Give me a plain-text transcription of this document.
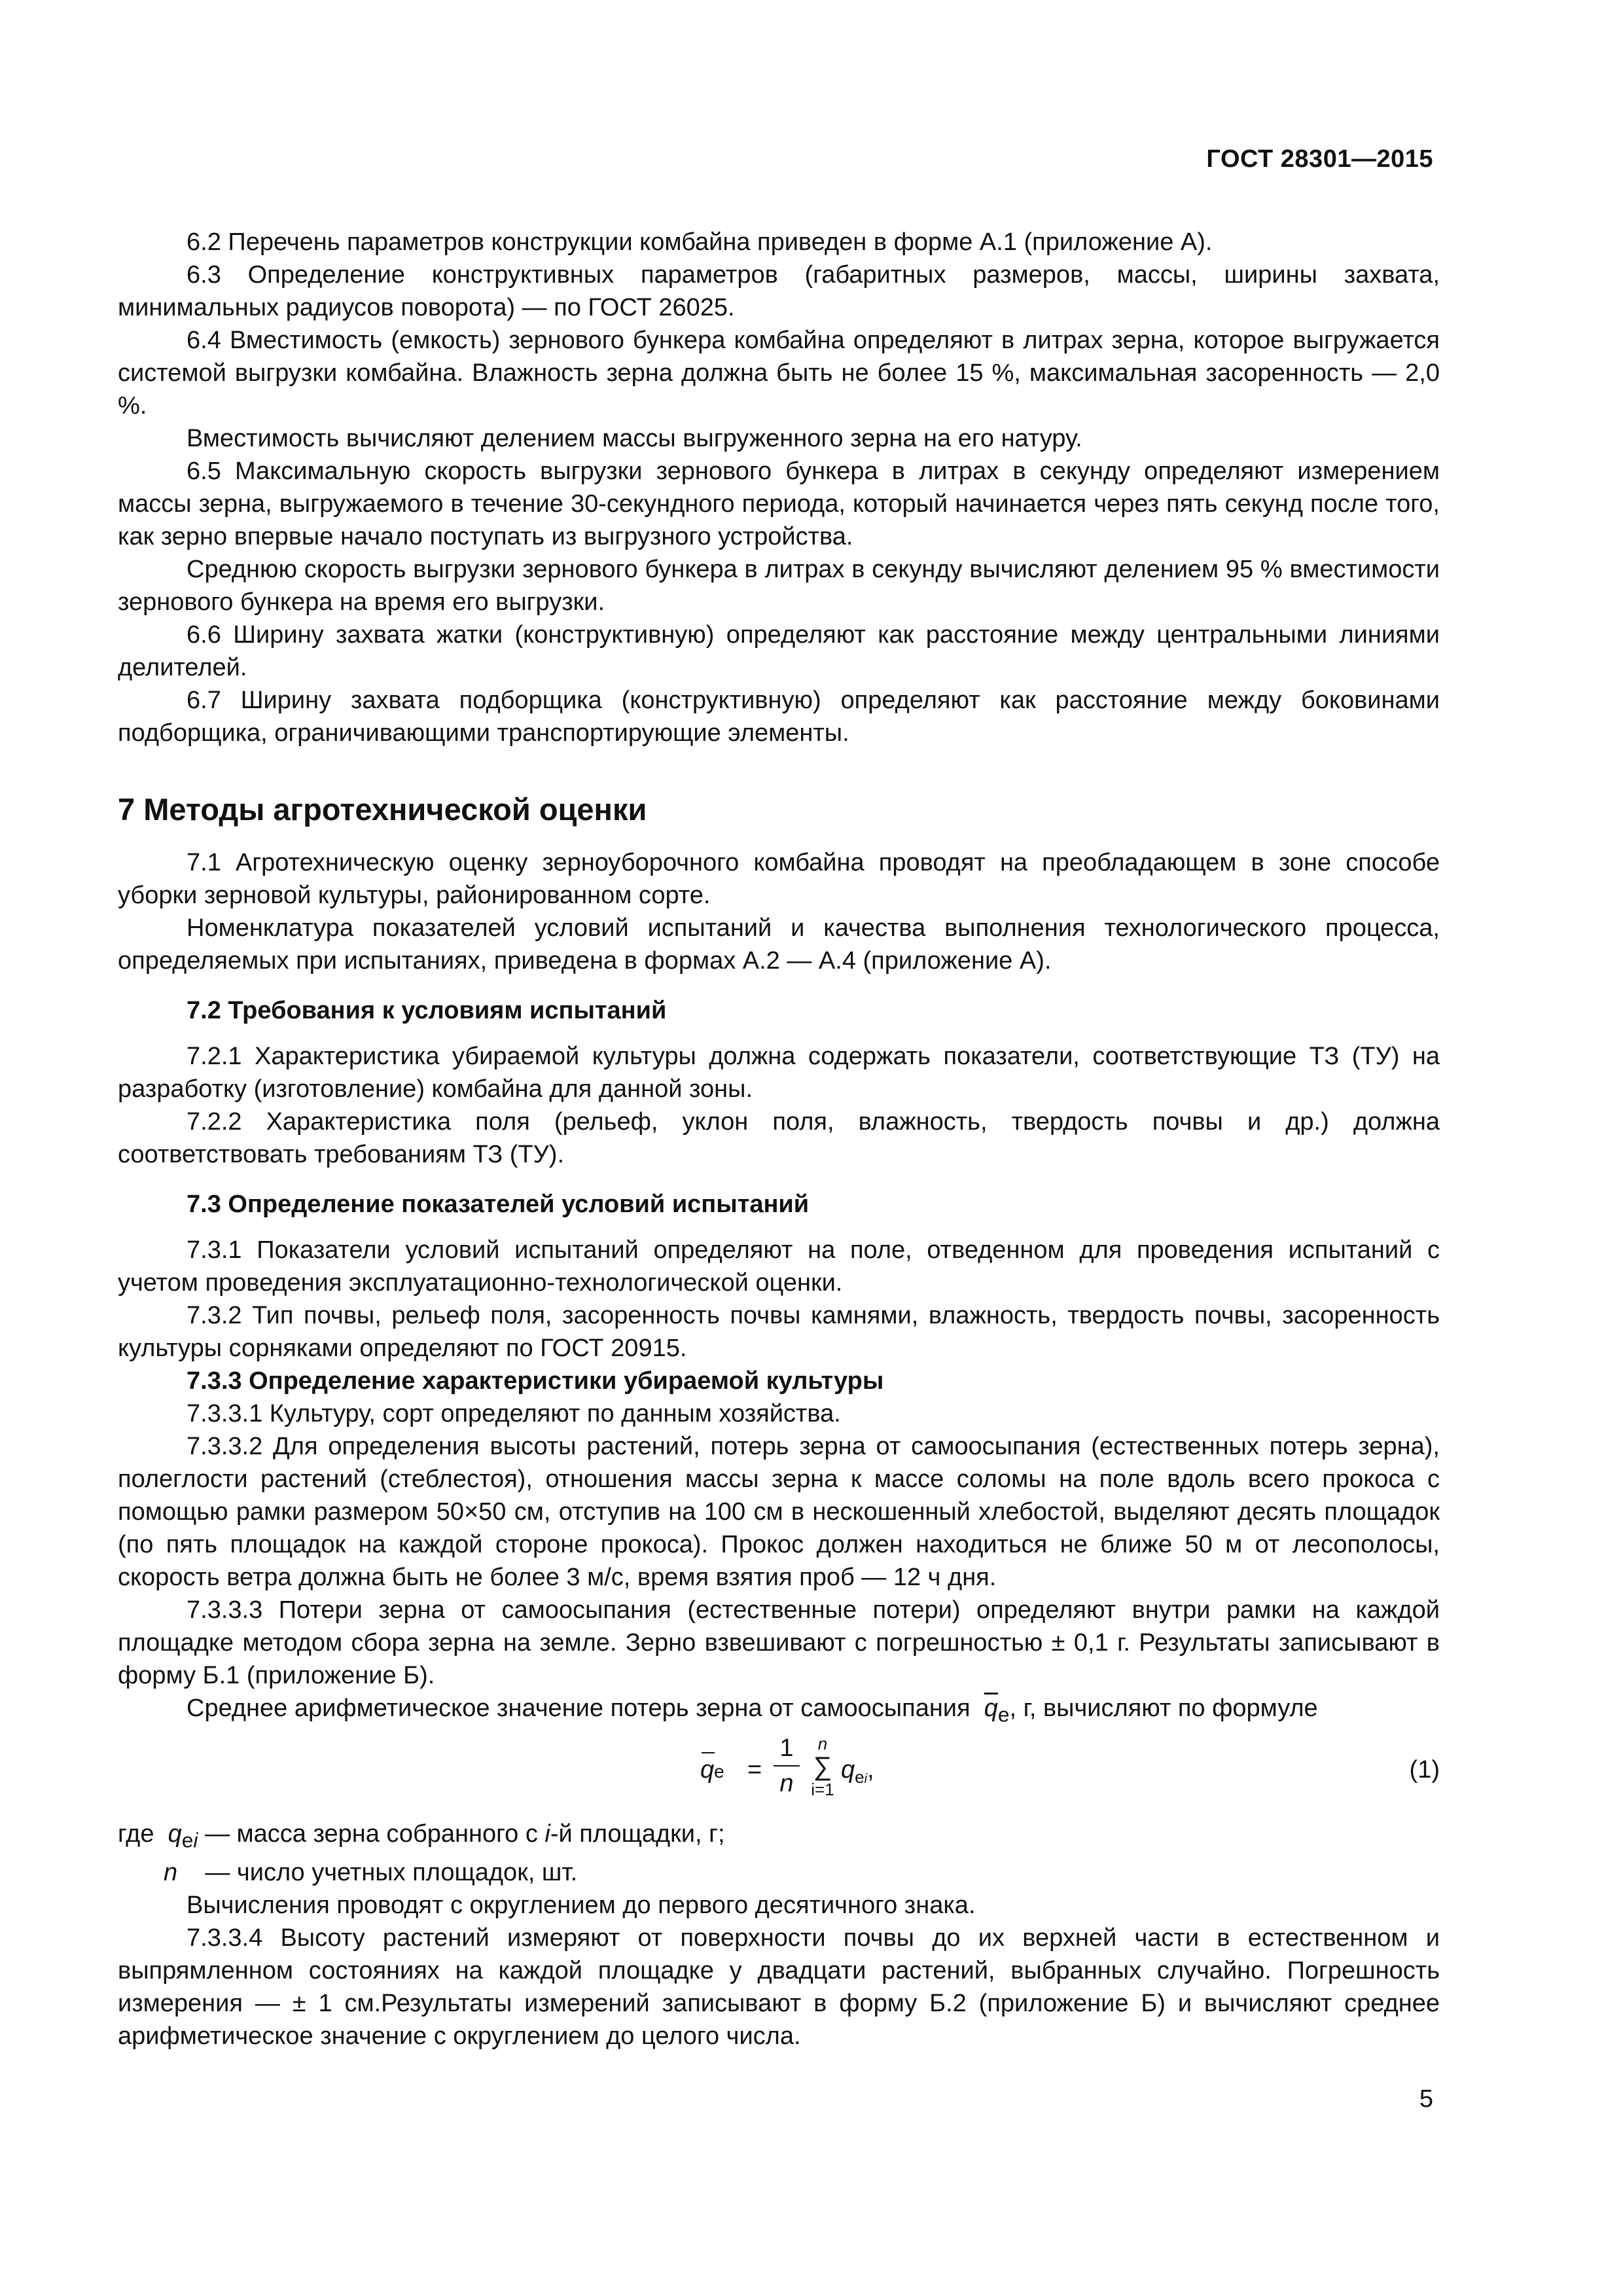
ГОСТ 28301—2015

6.2 Перечень параметров конструкции комбайна приведен в форме А.1 (приложение А).

6.3 Определение конструктивных параметров (габаритных размеров, массы, ширины захвата, минимальных радиусов поворота) — по ГОСТ 26025.

6.4 Вместимость (емкость) зернового бункера комбайна определяют в литрах зерна, которое выгружается системой выгрузки комбайна. Влажность зерна должна быть не более 15 %, максимальная засоренность — 2,0 %.

Вместимость вычисляют делением массы выгруженного зерна на его натуру.

6.5 Максимальную скорость выгрузки зернового бункера в литрах в секунду определяют измерением массы зерна, выгружаемого в течение 30-секундного периода, который начинается через пять секунд после того, как зерно впервые начало поступать из выгрузного устройства.

Среднюю скорость выгрузки зернового бункера в литрах в секунду вычисляют делением 95 % вместимости зернового бункера на время его выгрузки.

6.6 Ширину захвата жатки (конструктивную) определяют как расстояние между центральными линиями делителей.

6.7 Ширину захвата подборщика (конструктивную) определяют как расстояние между боковинами подборщика, ограничивающими транспортирующие элементы.

7 Методы агротехнической оценки

7.1 Агротехническую оценку зерноуборочного комбайна проводят на преобладающем в зоне способе уборки зерновой культуры, районированном сорте.

Номенклатура показателей условий испытаний и качества выполнения технологического процесса, определяемых при испытаниях, приведена в формах А.2 — А.4 (приложение А).

7.2 Требования к условиям испытаний

7.2.1 Характеристика убираемой культуры должна содержать показатели, соответствующие ТЗ (ТУ) на разработку (изготовление) комбайна для данной зоны.

7.2.2 Характеристика поля (рельеф, уклон поля, влажность, твердость почвы и др.) должна соответствовать требованиям ТЗ (ТУ).

7.3 Определение показателей условий испытаний

7.3.1 Показатели условий испытаний определяют на поле, отведенном для проведения испытаний с учетом проведения эксплуатационно-технологической оценки.

7.3.2 Тип почвы, рельеф поля, засоренность почвы камнями, влажность, твердость почвы, засоренность культуры сорняками определяют по ГОСТ 20915.

7.3.3 Определение характеристики убираемой культуры

7.3.3.1 Культуру, сорт определяют по данным хозяйства.

7.3.3.2 Для определения высоты растений, потерь зерна от самоосыпания (естественных потерь зерна), полеглости растений (стеблестоя), отношения массы зерна к массе соломы на поле вдоль всего прокоса с помощью рамки размером 50×50 см, отступив на 100 см в нескошенный хлебостой, выделяют десять площадок (по пять площадок на каждой стороне прокоса). Прокос должен находиться не ближе 50 м от лесополосы, скорость ветра должна быть не более 3 м/с, время взятия проб — 12 ч дня.

7.3.3.3 Потери зерна от самоосыпания (естественные потери) определяют внутри рамки на каждой площадке методом сбора зерна на земле. Зерно взвешивают с погрешностью ± 0,1 г. Результаты записывают в форму Б.1 (приложение Б).

Среднее арифметическое значение потерь зерна от самоосыпания $\overline{q}_e$, г, вычисляют по формуле

qe =
1
n
n
∑
i=1
$q_{ei}$,	(1)

где $q_{ei}$ — масса зерна собранного с i-й площадки, г;

n — число учетных площадок, шт.

Вычисления проводят с округлением до первого десятичного знака.

7.3.3.4 Высоту растений измеряют от поверхности почвы до их верхней части в естественном и выпрямленном состояниях на каждой площадке у двадцати растений, выбранных случайно. Погрешность измерения — ± 1 см.Результаты измерений записывают в форму Б.2 (приложение Б) и вычисляют среднее арифметическое значение с округлением до целого числа.

5
